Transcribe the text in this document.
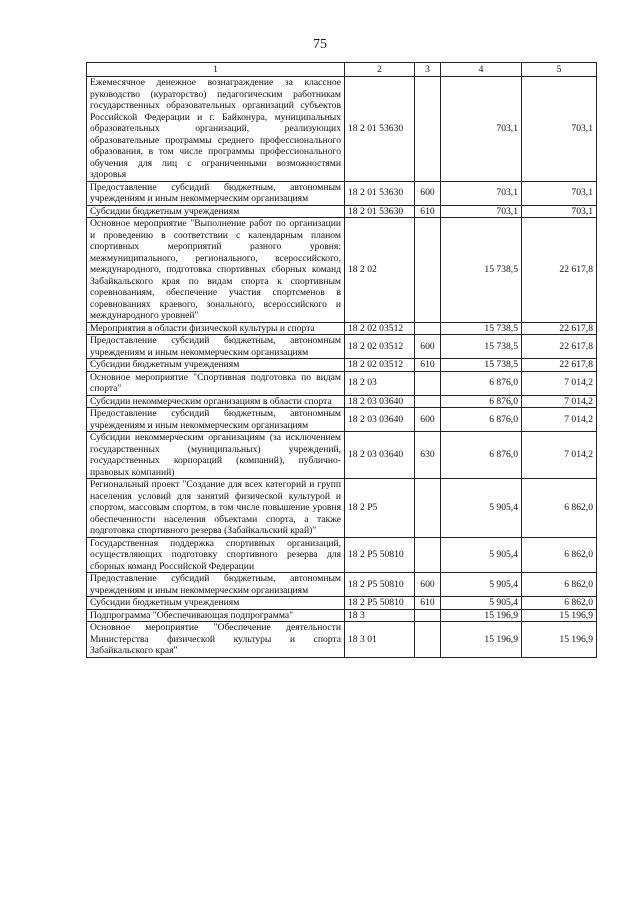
75
1	2	3	4	5
Ежемесячное денежное вознаграждение за классное руководство (кураторство) педагогическим работникам государственных образовательных организаций субъектов Российской Федерации и г. Байконура, муниципальных образовательных организаций, реализующих образовательные программы среднего профессионального образования, в том числе программы профессионального обучения для лиц с ограниченными возможностями здоровья	18 2 01 53630		703,1	703,1
Предоставление субсидий бюджетным, автономным учреждениям и иным некоммерческим организациям	18 2 01 53630	600	703,1	703,1
Субсидии бюджетным учреждениям	18 2 01 53630	610	703,1	703,1
Основное мероприятие "Выполнение работ по организации и проведению в соответствии с календарным планом спортивных мероприятий разного уровня: межмуниципального, регионального, всероссийского, международного, подготовка спортивных сборных команд Забайкальского края по видам спорта к спортивным соревнованиям, обеспечение участия спортсменов в соревнованиях краевого, зонального, всероссийского и международного уровней"	18 2 02		15 738,5	22 617,8
Мероприятия в области физической культуры и спорта	18 2 02 03512		15 738,5	22 617,8
Предоставление субсидий бюджетным, автономным учреждениям и иным некоммерческим организациям	18 2 02 03512	600	15 738,5	22 617,8
Субсидии бюджетным учреждениям	18 2 02 03512	610	15 738,5	22 617,8
Основное мероприятие "Спортивная подготовка по видам спорта"	18 2 03		6 876,0	7 014,2
Субсидии некоммерческим организациям в области спорта	18 2 03 03640		6 876,0	7 014,2
Предоставление субсидий бюджетным, автономным учреждениям и иным некоммерческим организациям	18 2 03 03640	600	6 876,0	7 014,2
Субсидии некоммерческим организациям (за исключением государственных (муниципальных) учреждений, государственных корпораций (компаний), публично-правовых компаний)	18 2 03 03640	630	6 876,0	7 014,2
Региональный проект "Создание для всех категорий и групп населения условий для занятий физической культурой и спортом, массовым спортом, в том числе повышение уровня обеспеченности населения объектами спорта, а также подготовка спортивного резерва (Забайкальский край)"	18 2 P5		5 905,4	6 862,0
Государственная поддержка спортивных организаций, осуществляющих подготовку спортивного резерва для сборных команд Российской Федерации	18 2 P5 50810		5 905,4	6 862,0
Предоставление субсидий бюджетным, автономным учреждениям и иным некоммерческим организациям	18 2 P5 50810	600	5 905,4	6 862,0
Субсидии бюджетным учреждениям	18 2 P5 50810	610	5 905,4	6 862,0
Подпрограмма "Обеспечивающая подпрограмма"	18 3		15 196,9	15 196,9
Основное мероприятие "Обеспечение деятельности Министерства физической культуры и спорта Забайкальского края"	18 3 01		15 196,9	15 196,9
